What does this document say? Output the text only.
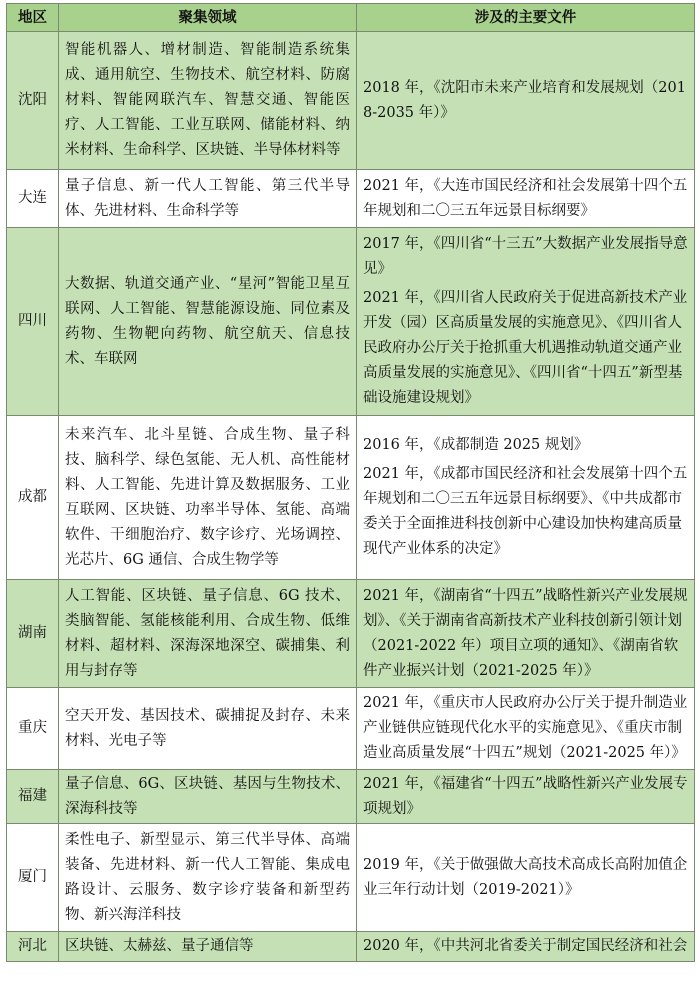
地区	聚集领域	涉及的主要文件
沈阳	智能机器人、增材制造、智能制造系统集成、通用航空、生物技术、航空材料、防腐材料、智能网联汽车、智慧交通、智能医疗、人工智能、工业互联网、储能材料、纳米材料、生命科学、区块链、半导体材料等	2018 年，《沈阳市未来产业培育和发展规划（2018-2035 年）》

大连	量子信息、新一代人工智能、第三代半导体、先进材料、生命科学等	2021 年，《大连市国民经济和社会发展第十四个五年规划和二〇三五年远景目标纲要》

四川	大数据、轨道交通产业、“星河”智能卫星互联网、人工智能、智慧能源设施、同位素及药物、生物靶向药物、航空航天、信息技术、车联网	2017 年，《四川省“十三五”大数据产业发展指导意见》
2021 年，《四川省人民政府关于促进高新技术产业开发（园）区高质量发展的实施意见》、《四川省人民政府办公厅关于抢抓重大机遇推动轨道交通产业高质量发展的实施意见》、《四川省“十四五”新型基础设施建设规划》

成都	未来汽车、北斗星链、合成生物、量子科技、脑科学、绿色氢能、无人机、高性能材料、人工智能、先进计算及数据服务、工业互联网、区块链、功率半导体、氢能、高端软件、干细胞治疗、数字诊疗、光场调控、光芯片、6G 通信、合成生物学等	2016 年，《成都制造 2025 规划》
2021 年，《成都市国民经济和社会发展第十四个五年规划和二〇三五年远景目标纲要》、《中共成都市委关于全面推进科技创新中心建设加快构建高质量现代产业体系的决定》

湖南	人工智能、区块链、量子信息、6G 技术、类脑智能、氢能核能利用、合成生物、低维材料、超材料、深海深地深空、碳捕集、利用与封存等	2021 年，《湖南省“十四五”战略性新兴产业发展规划》、《关于湖南省高新技术产业科技创新引领计划（2021-2022 年）项目立项的通知》、《湖南省软件产业振兴计划（2021-2025 年）》

重庆	空天开发、基因技术、碳捕捉及封存、未来材料、光电子等	2021 年，《重庆市人民政府办公厅关于提升制造业产业链供应链现代化水平的实施意见》、《重庆市制造业高质量发展“十四五”规划（2021-2025 年）》

福建	量子信息、6G、区块链、基因与生物技术、深海科技等	2021 年，《福建省“十四五”战略性新兴产业发展专项规划》

厦门	柔性电子、新型显示、第三代半导体、高端装备、先进材料、新一代人工智能、集成电路设计、云服务、数字诊疗装备和新型药物、新兴海洋科技	2019 年，《关于做强做大高技术高成长高附加值企业三年行动计划（2019-2021）》

河北	区块链、太赫兹、量子通信等	2020 年，《中共河北省委关于制定国民经济和社会
